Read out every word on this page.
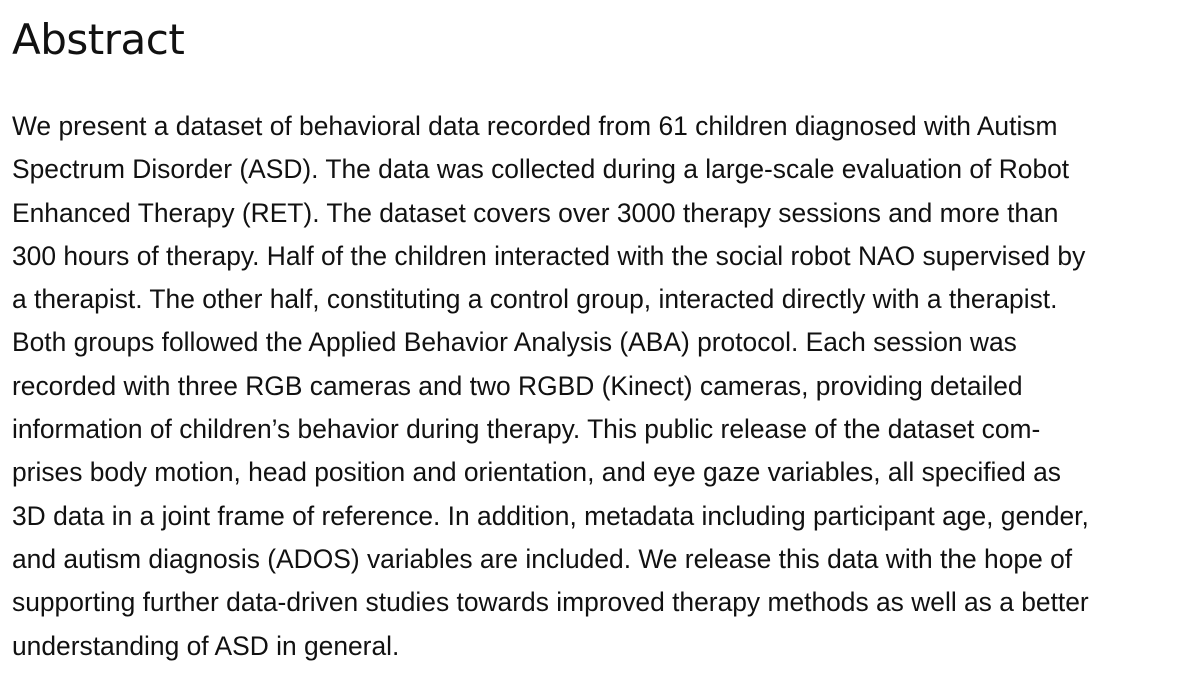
Abstract

We present a dataset of behavioral data recorded from 61 children diagnosed with Autism
Spectrum Disorder (ASD). The data was collected during a large-scale evaluation of Robot
Enhanced Therapy (RET). The dataset covers over 3000 therapy sessions and more than
300 hours of therapy. Half of the children interacted with the social robot NAO supervised by
a therapist. The other half, constituting a control group, interacted directly with a therapist.
Both groups followed the Applied Behavior Analysis (ABA) protocol. Each session was
recorded with three RGB cameras and two RGBD (Kinect) cameras, providing detailed
information of children’s behavior during therapy. This public release of the dataset com-
prises body motion, head position and orientation, and eye gaze variables, all specified as
3D data in a joint frame of reference. In addition, metadata including participant age, gender,
and autism diagnosis (ADOS) variables are included. We release this data with the hope of
supporting further data-driven studies towards improved therapy methods as well as a better
understanding of ASD in general.
